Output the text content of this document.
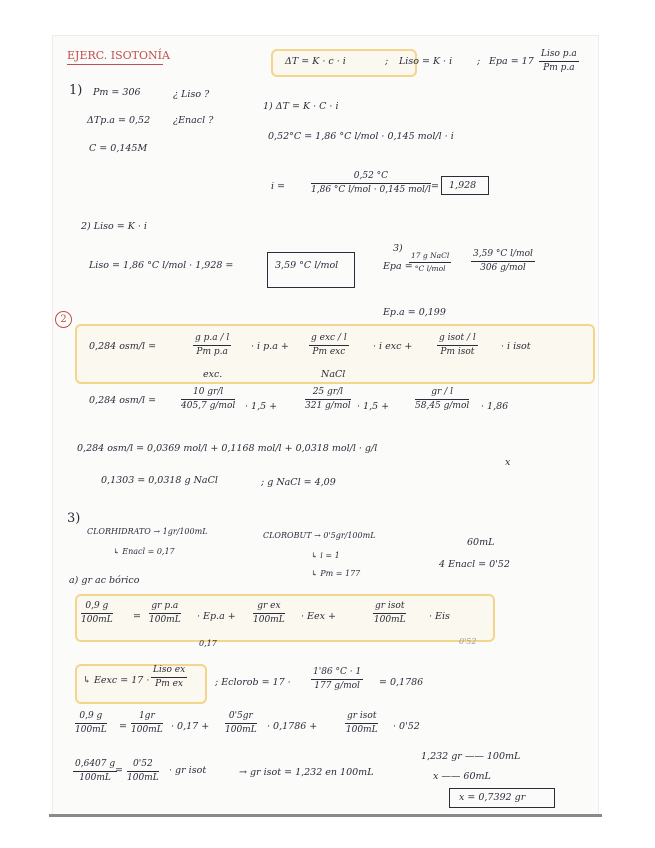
EJERC. ISOTONÍA	ΔT = K · c · i	; Liso = K · i	; Epa = 17
Liso p.a
Pm p.a
1) Pm = 306
ΔTp.a = 0,52
C = 0,145M
¿ Liso ?
¿Enacl ?
1) ΔT = K · C · i
0,52°C = 1,86 °C l/mol · 0,145 mol/l · i
i =
0,52 °C
1,86 °C l/mol · 0,145 mol/l = 1,928
2) Liso = K · i
Liso = 1,86 °C l/mol · 1,928 =	3,59 °C l/mol
3)
Epa =
17 g NaCl
°C l/mol
3,59 °C l/mol
306 g/mol
Ep.a = 0,199
2
0,284 osm/l =	$\frac{\text{g p.a / l}}{\text{Pm p.a}} \cdot i$ p.a +
exc.
g exc / l
Pm exc	· i exc +
NaCl
g isot / l
Pm isot	· i isot
0,284 osm/l =
10 gr/l
405,7 g/mol · 1,5 +
25 gr/l
321 g/mol · 1,5 +
gr / l
58,45 g/mol · 1,86
0,284 osm/l = 0,0369 mol/l + 0,1168 mol/l + 0,0318 mol/l · g/l
x
0,1303 = 0,0318 g NaCl	; g NaCl = 4,09
3)
CLORHIDRATO → 1gr/100mL
↳ Enacl = 0,17
CLOROBUT → 0'5gr/100mL
↳ i = 1
↳ Pm = 177
60mL
4 Enacl = 0'52
a) gr ac bórico
$\frac{0,9 g}{100mL} = \frac{\text{gr p.a}}{100mL} \cdot Ep.a$ +
0,17
$\frac{\text{gr ex}}{100mL}$ · Eex +
gr isot
100mL · Eis
0'52
↳ Eexc = 17 ·
Liso ex
Pm ex	; Eclorob = 17 ·
1'86 °C · 1
177 g/mol	= 0,1786
$\frac{0,9 g}{100mL} = \frac{1gr}{100mL} \cdot 0,17 + \frac{0'5gr}{100mL} \cdot 0,1786$ +
gr isot
100mL · 0'52
$\frac{0,6407 g}{100mL}$
= $\frac{0'52}{100mL}$ · gr isot	→ gr isot = 1,232 en 100mL
1,232 gr —— 100mL
x —— 60mL
x = 0,7392 gr
